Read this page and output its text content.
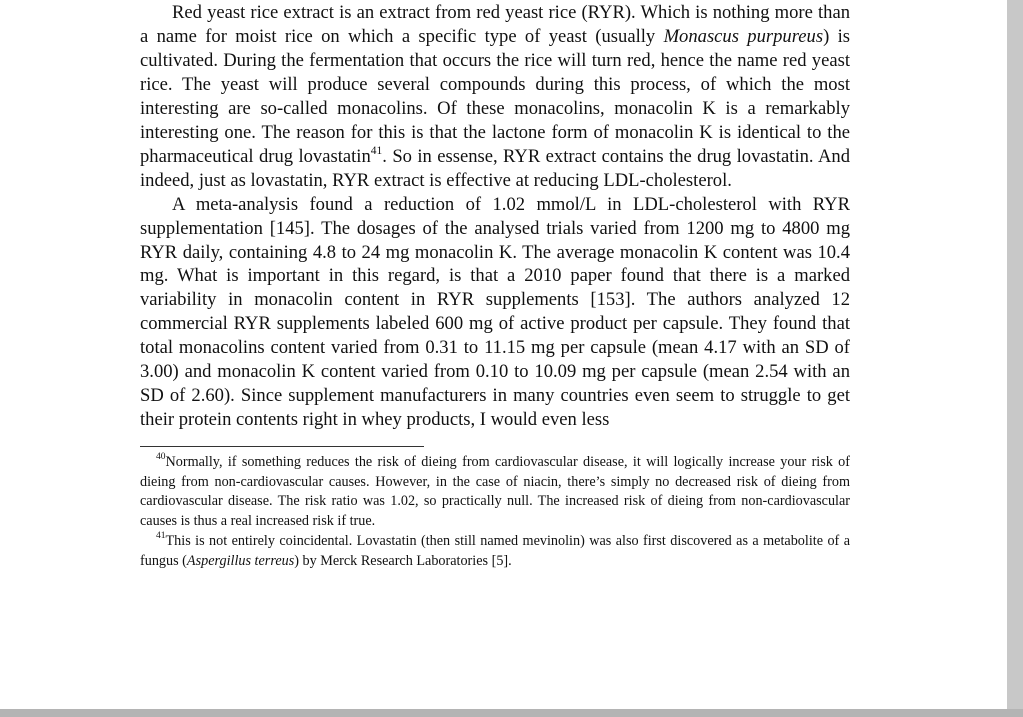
Red yeast rice extract is an extract from red yeast rice (RYR). Which is nothing more than a name for moist rice on which a specific type of yeast (usually Monascus purpureus) is cultivated. During the fermentation that occurs the rice will turn red, hence the name red yeast rice. The yeast will produce several compounds during this process, of which the most interesting are so-called monacolins. Of these monacolins, monacolin K is a remarkably interesting one. The reason for this is that the lactone form of monacolin K is identical to the pharmaceutical drug lovastatin$^{41}$. So in essense, RYR extract contains the drug lovastatin. And indeed, just as lovastatin, RYR extract is effective at reducing LDL-cholesterol.

A meta-analysis found a reduction of 1.02 mmol/L in LDL-cholesterol with RYR supplementation [145]. The dosages of the analysed trials varied from 1200 mg to 4800 mg RYR daily, containing 4.8 to 24 mg monacolin K. The average monacolin K content was 10.4 mg. What is important in this regard, is that a 2010 paper found that there is a marked variability in monacolin content in RYR supplements [153]. The authors analyzed 12 commercial RYR supplements labeled 600 mg of active product per capsule. They found that total monacolins content varied from 0.31 to 11.15 mg per capsule (mean 4.17 with an SD of 3.00) and monacolin K content varied from 0.10 to 10.09 mg per capsule (mean 2.54 with an SD of 2.60). Since supplement manufacturers in many countries even seem to struggle to get their protein contents right in whey products, I would even less

$^{40}$Normally, if something reduces the risk of dieing from cardiovascular disease, it will logically increase your risk of dieing from non-cardiovascular causes. However, in the case of niacin, there’s simply no decreased risk of dieing from cardiovascular disease. The risk ratio was 1.02, so practically null. The increased risk of dieing from non-cardiovascular causes is thus a real increased risk if true.

$^{41}$This is not entirely coincidental. Lovastatin (then still named mevinolin) was also first discovered as a metabolite of a fungus (Aspergillus terreus) by Merck Research Laboratories [5].
